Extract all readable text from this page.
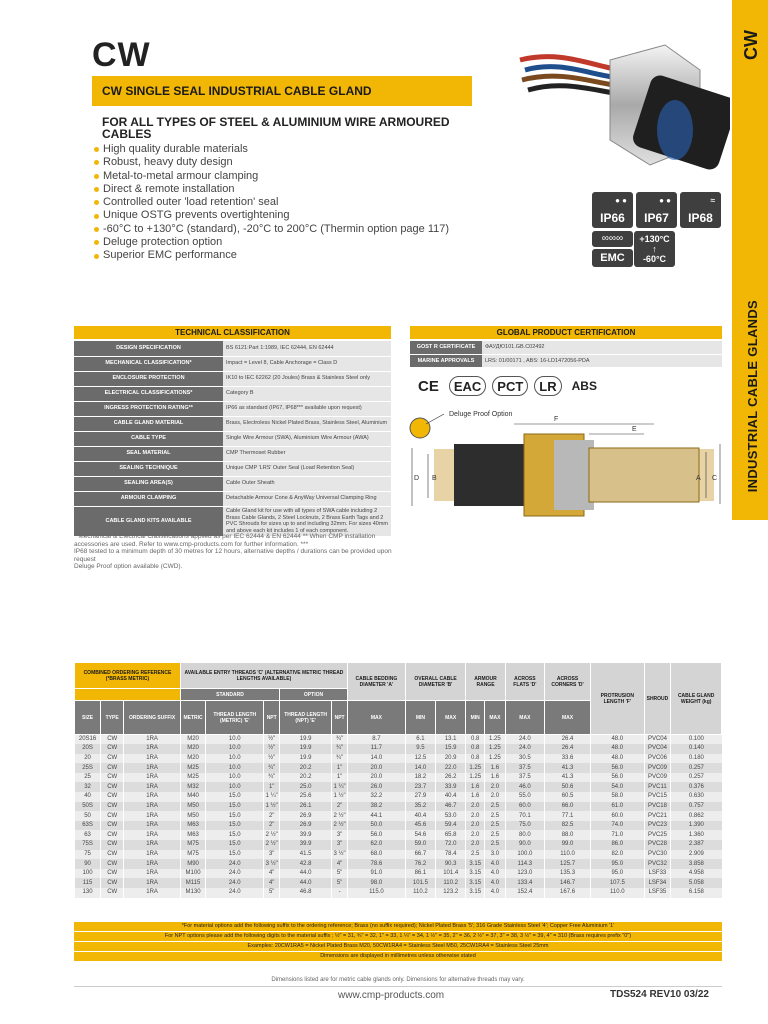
CW
INDUSTRIAL CABLE GLANDS
CW
CW SINGLE SEAL INDUSTRIAL CABLE GLAND
FOR ALL TYPES OF STEEL & ALUMINIUM WIRE ARMOURED CABLES
High quality durable materials
Robust, heavy duty design
Metal-to-metal armour clamping
Direct & remote installation
Controlled outer 'load retention' seal
Unique OSTG prevents overtightening
-60°C to +130°C (standard), -20°C to 200°C (Thermin option page 117)
Deluge protection option
Superior EMC performance
● ●
IP66
● ●
IP67
≈
IP68
∞∞∞
EMC
+130°C
↑
-60°C
TECHNICAL CLASSIFICATION
DESIGN SPECIFICATION	BS 6121:Part 1:1989, IEC 62444, EN 62444
MECHANICAL CLASSIFICATION*	Impact = Level 8, Cable Anchorage = Class D
ENCLOSURE PROTECTION	IK10 to IEC 62262 (20 Joules) Brass & Stainless Steel only
ELECTRICAL CLASSIFICATIONS*	Category B
INGRESS PROTECTION RATING**	IP66 as standard (IP67, IP68*** available upon request)
CABLE GLAND MATERIAL	Brass, Electroless Nickel Plated Brass, Stainless Steel, Aluminium
CABLE TYPE	Single Wire Armour (SWA), Aluminium Wire Armour (AWA)
SEAL MATERIAL	CMP Thermoset Rubber
SEALING TECHNIQUE	Unique CMP 'LRS' Outer Seal (Load Retention Seal)
SEALING AREA(S)	Cable Outer Sheath
ARMOUR CLAMPING	Detachable Armour Cone & AnyWay Universal Clamping Ring
CABLE GLAND KITS AVAILABLE	Cable Gland kit for use with all types of SWA cable including 2 Brass Cable Glands, 2 Steel Locknuts, 2 Brass Earth Tags and 2 PVC Shrouds for sizes up to and including 32mm. For sizes 40mm and above each kit includes 1 of each component.
* Mechanical & Electrical Classifications applied as per IEC 62444 & EN 62444 ** When CMP installation accessories are used. Refer to www.cmp-products.com for further information. ***
IP68 tested to a minimum depth of 30 metres for 12 hours, alternative depths / durations can be provided upon request
Deluge Proof option available (CWD).
GLOBAL PRODUCT CERTIFICATION
GOST R CERTIFICATE	ФАУДЮ101.GB.C02492
MARINE APPROVALS	LRS: 01/00171 , ABS: 16-LD1472056-PDA
CE	EAC	PCT	LR	ABS
Deluge Proof Option
F
E
D B	A C
COMBINED ORDERING REFERENCE (*BRASS METRIC)			AVAILABLE ENTRY THREADS 'C' (ALTERNATIVE METRIC THREAD LENGTHS AVAILABLE)					CABLE BEDDING DIAMETER 'A'	OVERALL CABLE DIAMETER 'B'		ARMOUR RANGE		ACROSS FLATS 'D'	ACROSS CORNERS 'D'	PROTRUSION LENGTH 'F'	SHROUD	CABLE GLAND WEIGHT (kg)
			STANDARD			OPTION											
SIZE	TYPE	ORDERING SUFFIX	METRIC	THREAD LENGTH (METRIC) 'E'	NPT	THREAD LENGTH (NPT) 'E'	NPT	MAX	MIN	MAX	MIN	MAX	MAX	MAX			
20S16	CW	1RA	M20	10.0	½"	19.9	¾"	8.7	6.1	13.1	0.8	1.25	24.0	26.4	48.0	PVC04	0.100
20S	CW	1RA	M20	10.0	½"	19.9	¾"	11.7	9.5	15.9	0.8	1.25	24.0	26.4	48.0	PVC04	0.140
20	CW	1RA	M20	10.0	½"	19.9	¾"	14.0	12.5	20.9	0.8	1.25	30.5	33.6	48.0	PVC06	0.180
25S	CW	1RA	M25	10.0	¾"	20.2	1"	20.0	14.0	22.0	1.25	1.6	37.5	41.3	56.0	PVC09	0.257
25	CW	1RA	M25	10.0	¾"	20.2	1"	20.0	18.2	26.2	1.25	1.6	37.5	41.3	56.0	PVC09	0.257
32	CW	1RA	M32	10.0	1"	25.0	1 ¼"	26.0	23.7	33.9	1.6	2.0	46.0	50.6	54.0	PVC11	0.376
40	CW	1RA	M40	15.0	1 ¼"	25.6	1 ½"	32.2	27.9	40.4	1.6	2.0	55.0	60.5	58.0	PVC15	0.630
50S	CW	1RA	M50	15.0	1 ½"	26.1	2"	38.2	35.2	46.7	2.0	2.5	60.0	66.0	61.0	PVC18	0.757
50	CW	1RA	M50	15.0	2"	26.9	2 ½"	44.1	40.4	53.0	2.0	2.5	70.1	77.1	60.0	PVC21	0.862
63S	CW	1RA	M63	15.0	2"	26.9	2 ½"	50.0	45.6	59.4	2.0	2.5	75.0	82.5	74.0	PVC23	1.390
63	CW	1RA	M63	15.0	2 ½"	39.9	3"	56.0	54.6	65.8	2.0	2.5	80.0	88.0	71.0	PVC25	1.360
75S	CW	1RA	M75	15.0	2 ½"	39.9	3"	62.0	59.0	72.0	2.0	2.5	90.0	99.0	86.0	PVC28	2.387
75	CW	1RA	M75	15.0	3"	41.5	3 ½"	68.0	66.7	78.4	2.5	3.0	100.0	110.0	82.0	PVC30	2.909
90	CW	1RA	M90	24.0	3 ½"	42.8	4"	78.6	76.2	90.3	3.15	4.0	114.3	125.7	95.0	PVC32	3.858
100	CW	1RA	M100	24.0	4"	44.0	5"	91.0	86.1	101.4	3.15	4.0	123.0	135.3	95.0	LSF33	4.958
115	CW	1RA	M115	24.0	4"	44.0	5"	98.0	101.5	110.2	3.15	4.0	133.4	146.7	107.5	LSF34	5.058
130	CW	1RA	M130	24.0	5"	46.8	-	115.0	110.2	123.2	3.15	4.0	152.4	167.6	110.0	LSF35	6.158
*For material options add the following suffix to the ordering reference; Brass (no suffix required); Nickel Plated Brass '5'; 316 Grade Stainless Steel '4'; Copper Free Aluminium '1'
For NPT options please add the following digits to the material suffix ; ½" = 31, ¾" = 32, 1" = 33, 1 ¼" = 34, 1 ½" = 35, 2" = 36, 2 ½" = 37, 3" = 38, 3 ½" = 39, 4" = 310 (Brass requires prefix "0")
Examples: 20CW1RA5 = Nickel Plated Brass M20, 50CW1RA4 = Stainless Steel M50, 25CW1RA4 = Stainless Steel 25mm
Dimensions are displayed in millimetres unless otherwise stated
Dimensions listed are for metric cable glands only. Dimensions for alternative threads may vary.
www.cmp-products.com	TDS524 REV10 03/22
